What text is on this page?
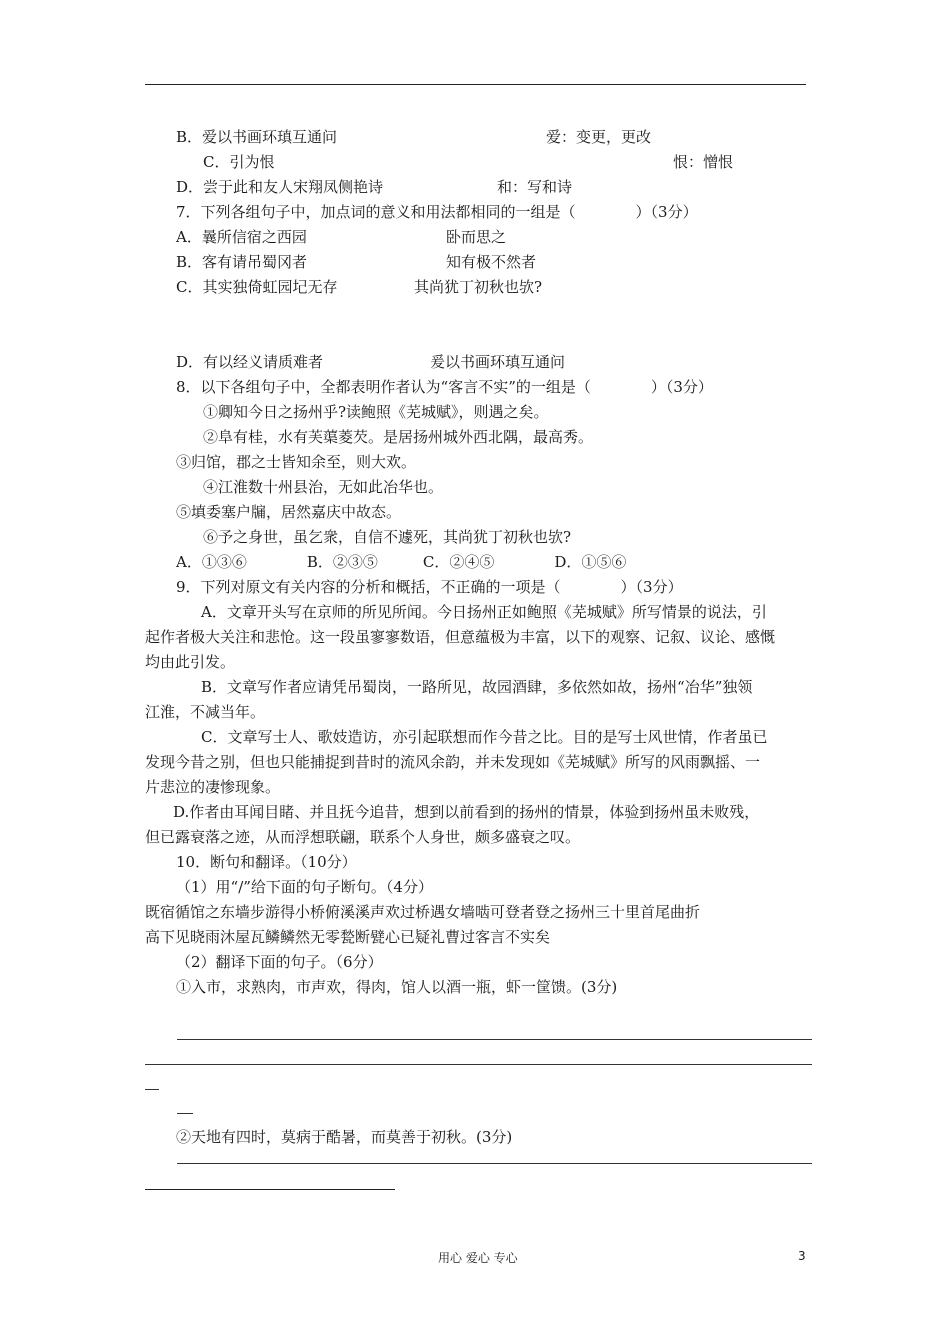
B．爱以书画环瑱互通问	爱：变更，更改
C．引为恨	恨：憎恨
D．尝于此和友人宋翔凤侧艳诗	和：写和诗
7．下列各组句子中，加点词的意义和用法都相同的一组是（　　　　）（3分）
A．曩所信宿之西园	卧而思之
B．客有请吊蜀冈者	知有极不然者
C．其实独倚虹园圮无存	其尚犹丁初秋也欤?
D．有以经义请质难者	爰以书画环瑱互通问
8．以下各组句子中，全都表明作者认为“客言不实”的一组是（　　　　）（3分）
①卿知今日之扬州乎?读鲍照《芜城赋》，则遇之矣。
②阜有桂，水有芙蕖菱芡。是居扬州城外西北隅，最高秀。
③归馆，郡之士皆知余至，则大欢。
④江淮数十州县治，无如此冶华也。
⑤填委塞户牖，居然嘉庆中故态。
⑥予之身世，虽乞衆，自信不遽死，其尚犹丁初秋也欤?
A．①③⑥　　　　B．②③⑤　　　C．②④⑤　　　　D．①⑤⑥
9．下列对原文有关内容的分析和概括，不正确的一项是（　　　　）（3分）
A．文章开头写在京师的所见所闻。今日扬州正如鲍照《芜城赋》所写情景的说法，引
起作者极大关注和悲怆。这一段虽寥寥数语，但意蕴极为丰富，以下的观察、记叙、议论、感慨
均由此引发。
B．文章写作者应请凭吊蜀岗，一路所见，故园酒肆，多依然如故，扬州“冶华”独领
江淮，不减当年。
C．文章写士人、歌妓造访，亦引起联想而作今昔之比。目的是写士风世情，作者虽已
发现今昔之别，但也只能捕捉到昔时的流风余韵，并未发现如《芜城赋》所写的风雨飘摇、一
片悲泣的凄惨现象。
D.作者由耳闻目睹、并且抚今追昔，想到以前看到的扬州的情景，体验到扬州虽未败残，
但已露衰落之迹，从而浮想联翩，联系个人身世，颇多盛衰之叹。
10．断句和翻译。（10分）
（1）用“/”给下面的句子断句。（4分）
既宿循馆之东墙步游得小桥俯溪溪声欢过桥遇女墙啮可登者登之扬州三十里首尾曲折
高下见晓雨沐屋瓦鳞鳞然无零甃断甓心已疑礼曹过客言不实矣
（2）翻译下面的句子。（6分）
①入市，求熟肉，市声欢，得肉，馆人以酒一瓶，虾一筐馈。(3分)
②天地有四时，莫病于酷暑，而莫善于初秋。(3分)
用心 爱心 专心	3
